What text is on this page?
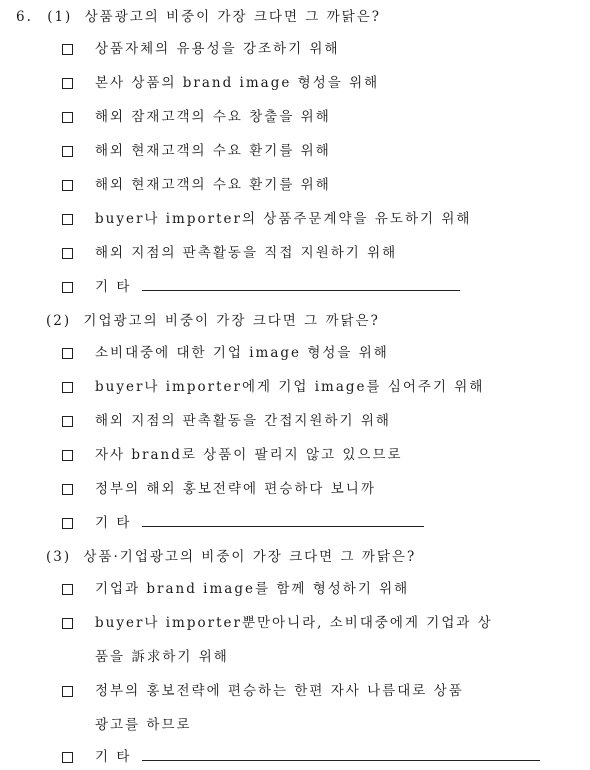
6. (1) 상품광고의 비중이 가장 크다면 그 까닭은?
상품자체의 유용성을 강조하기 위해
본사 상품의 brand image 형성을 위해
해외 잠재고객의 수요 창출을 위해
해외 현재고객의 수요 환기를 위해
해외 현재고객의 수요 환기를 위해
buyer나 importer의 상품주문계약을 유도하기 위해
해외 지점의 판촉활동을 직접 지원하기 위해
기 타
(2) 기업광고의 비중이 가장 크다면 그 까닭은?
소비대중에 대한 기업 image 형성을 위해
buyer나 importer에게 기업 image를 심어주기 위해
해외 지점의 판촉활동을 간접지원하기 위해
자사 brand로 상품이 팔리지 않고 있으므로
정부의 해외 홍보전략에 편승하다 보니까
기 타
(3) 상품·기업광고의 비중이 가장 크다면 그 까닭은?
기업과 brand image를 함께 형성하기 위해
buyer나 importer뿐만아니라, 소비대중에게 기업과 상
품을 訴求하기 위해
정부의 홍보전략에 편승하는 한편 자사 나름대로 상품
광고를 하므로
기 타
